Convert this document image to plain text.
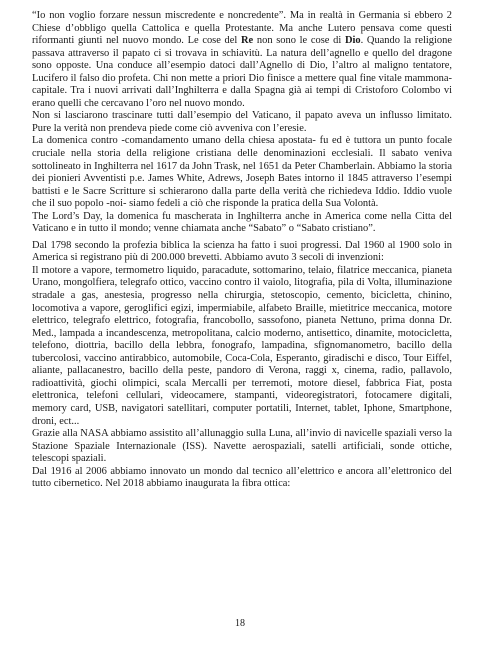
“Io non voglio forzare nessun miscredente e noncredente”. Ma in realtà in Germania si ebbero 2 Chiese d’obbligo quella Cattolica e quella Protestante. Ma anche Lutero pensava come questi riformanti giunti nel nuovo mondo. Le cose del Re non sono le cose di Dio. Quando la religione passava attraverso il papato ci si trovava in schiavitù. La natura dell’agnello e quello del dragone sono opposte. Una conduce all’esempio datoci dall’Agnello di Dio, l’altro al maligno tentatore, Lucifero il falso dio profeta. Chi non mette a priori Dio finisce a mettere qual fine vitale mammona-capitale. Tra i nuovi arrivati dall’Inghilterra e dalla Spagna già ai tempi di Cristoforo Colombo vi erano quelli che cercavano l’oro nel nuovo mondo.

Non si lasciarono trascinare tutti dall’esempio del Vaticano, il papato aveva un influsso limitato. Pure la verità non prendeva piede come ciò avveniva con l’eresie.

La domenica contro -comandamento umano della chiesa apostata- fu ed è tuttora un punto focale cruciale nella storia della religione cristiana delle denominazioni ecclesiali. Il sabato veniva sottolineato in Inghilterra nel 1617 da John Trask, nel 1651 da Peter Chamberlain. Abbiamo la storia dei pionieri Avventisti p.e. James White, Adrews, Joseph Bates intorno il 1845 attraverso l’esempi battisti e le Sacre Scritture si schierarono dalla parte della verità che richiedeva Iddio. Iddio vuole che il suo popolo -noi- siamo fedeli a ciò che risponde la pratica della Sua Volontà.

The Lord’s Day, la domenica fu mascherata in Inghilterra anche in America come nella Citta del Vaticano e in tutto il mondo; venne chiamata anche “Sabato” o “Sabato cristiano”.

Dal 1798 secondo la profezia biblica la scienza ha fatto i suoi progressi. Dal 1960 al 1900 solo in America si registrano più di 200.000 brevetti. Abbiamo avuto 3 secoli di invenzioni:

Il motore a vapore, termometro liquido, paracadute, sottomarino, telaio, filatrice meccanica, pianeta Urano, mongolfiera, telegrafo ottico, vaccino contro il vaiolo, litografia, pila di Volta, illuminazione stradale a gas, anestesia, progresso nella chirurgia, stetoscopio, cemento, bicicletta, chinino, locomotiva a vapore, geroglifici egizi, impermiabile, alfabeto Braille, mietitrice meccanica, motore elettrico, telegrafo elettrico, fotografia, francobollo, sassofono, pianeta Nettuno, prima donna Dr. Med., lampada a incandescenza, metropolitana, calcio moderno, antisettico, dinamite, motocicletta, telefono, diottria, bacillo della lebbra, fonografo, lampadina, sfignomanometro, bacillo della tubercolosi, vaccino antirabbico, automobile, Coca-Cola, Esperanto, giradischi e disco, Tour Eiffel, aliante, pallacanestro, bacillo della peste, pandoro di Verona, raggi x, cinema, radio, pallavolo, radioattività, giochi olimpici, scala Mercalli per terremoti, motore diesel, fabbrica Fiat, posta elettronica, telefoni cellulari, videocamere, stampanti, videoregistratori, fotocamere digitali, memory card, USB, navigatori satellitari, computer portatili, Internet, tablet, Iphone, Smartphone, droni, ect...

Grazie alla NASA abbiamo assistito all’allunaggio sulla Luna, all’invio di navicelle spaziali verso la Stazione Spaziale Internazionale (ISS). Navette aerospaziali, satelli artificiali, sonde ottiche, telescopi spaziali.

Dal 1916 al 2006 abbiamo innovato un mondo dal tecnico all’elettrico e ancora all’elettronico del tutto cibernetico. Nel 2018 abbiamo inaugurata la fibra ottica:

18
